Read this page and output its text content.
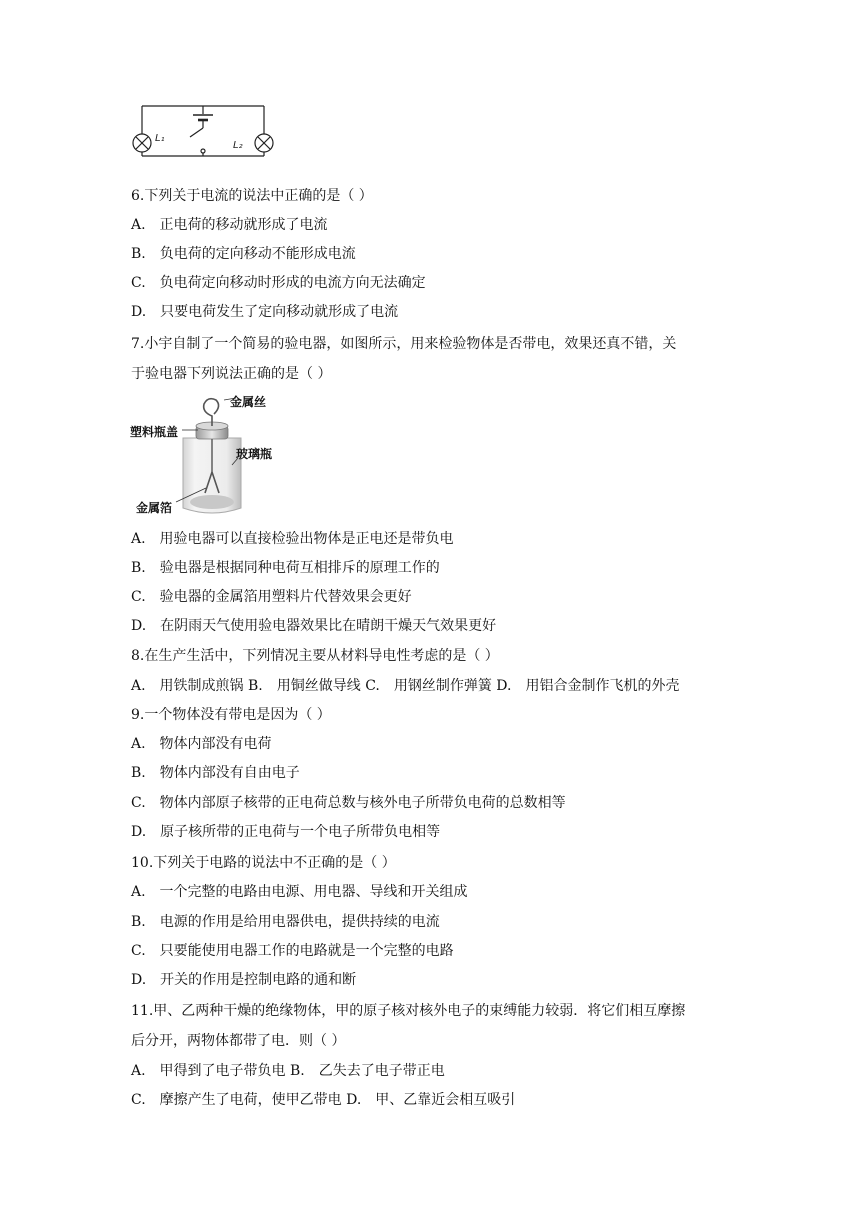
L₁
L₂
6.下列关于电流的说法中正确的是（ ）
A.　正电荷的移动就形成了电流
B.　负电荷的定向移动不能形成电流
C.　负电荷定向移动时形成的电流方向无法确定
D.　只要电荷发生了定向移动就形成了电流
7.小宇自制了一个简易的验电器，如图所示，用来检验物体是否带电，效果还真不错，关
于验电器下列说法正确的是（ ）
金属丝
塑料瓶盖
玻璃瓶
金属箔
A.　用验电器可以直接检验出物体是正电还是带负电
B.　验电器是根据同种电荷互相排斥的原理工作的
C.　验电器的金属箔用塑料片代替效果会更好
D.　在阴雨天气使用验电器效果比在晴朗干燥天气效果更好
8.在生产生活中，下列情况主要从材料导电性考虑的是（ ）
A.　用铁制成煎锅 B.　用铜丝做导线 C.　用钢丝制作弹簧 D.　用铝合金制作飞机的外壳
9.一个物体没有带电是因为（ ）
A.　物体内部没有电荷
B.　物体内部没有自由电子
C.　物体内部原子核带的正电荷总数与核外电子所带负电荷的总数相等
D.　原子核所带的正电荷与一个电子所带负电相等
10.下列关于电路的说法中不正确的是（ ）
A.　一个完整的电路由电源、用电器、导线和开关组成
B.　电源的作用是给用电器供电，提供持续的电流
C.　只要能使用电器工作的电路就是一个完整的电路
D.　开关的作用是控制电路的通和断
11.甲、乙两种干燥的绝缘物体，甲的原子核对核外电子的束缚能力较弱．将它们相互摩擦
后分开，两物体都带了电．则（ ）
A.　甲得到了电子带负电 B.　乙失去了电子带正电
C.　摩擦产生了电荷，使甲乙带电 D.　甲、乙靠近会相互吸引
